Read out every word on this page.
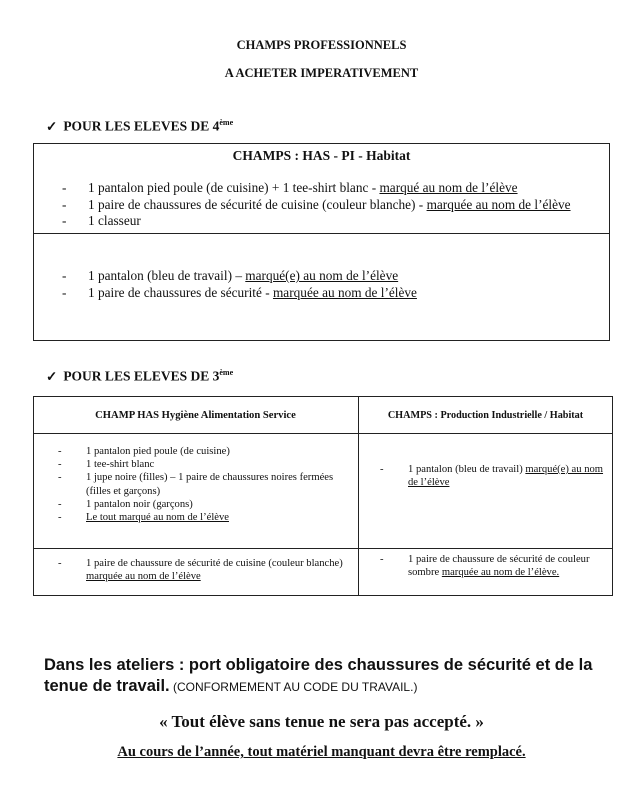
CHAMPS PROFESSIONNELS
A ACHETER IMPERATIVEMENT
✓ POUR LES ELEVES DE 4ème
CHAMPS : HAS - PI - Habitat
- 1 pantalon pied poule (de cuisine) + 1 tee-shirt blanc - marqué au nom de l’élève
- 1 paire de chaussures de sécurité de cuisine (couleur blanche) - marquée au nom de l’élève
- 1 classeur
- 1 pantalon (bleu de travail) – marqué(e) au nom de l’élève
- 1 paire de chaussures de sécurité - marquée au nom de l’élève
✓ POUR LES ELEVES DE 3ème
CHAMP HAS Hygiène Alimentation Service	CHAMPS : Production Industrielle / Habitat
- 1 pantalon pied poule (de cuisine)
- 1 tee-shirt blanc
- 1 jupe noire (filles) – 1 paire de chaussures noires fermées (filles et garçons)
- 1 pantalon noir (garçons)
- Le tout marqué au nom de l’élève
- 1 pantalon (bleu de travail) marqué(e) au nom de l’élève
- 1 paire de chaussure de sécurité de cuisine (couleur blanche) marquée au nom de l’élève
- 1 paire de chaussure de sécurité de couleur sombre marquée au nom de l’élève.
Dans les ateliers : port obligatoire des chaussures de sécurité et de la tenue de travail. (CONFORMEMENT AU CODE DU TRAVAIL.)
« Tout élève sans tenue ne sera pas accepté. »
Au cours de l’année, tout matériel manquant devra être remplacé.
